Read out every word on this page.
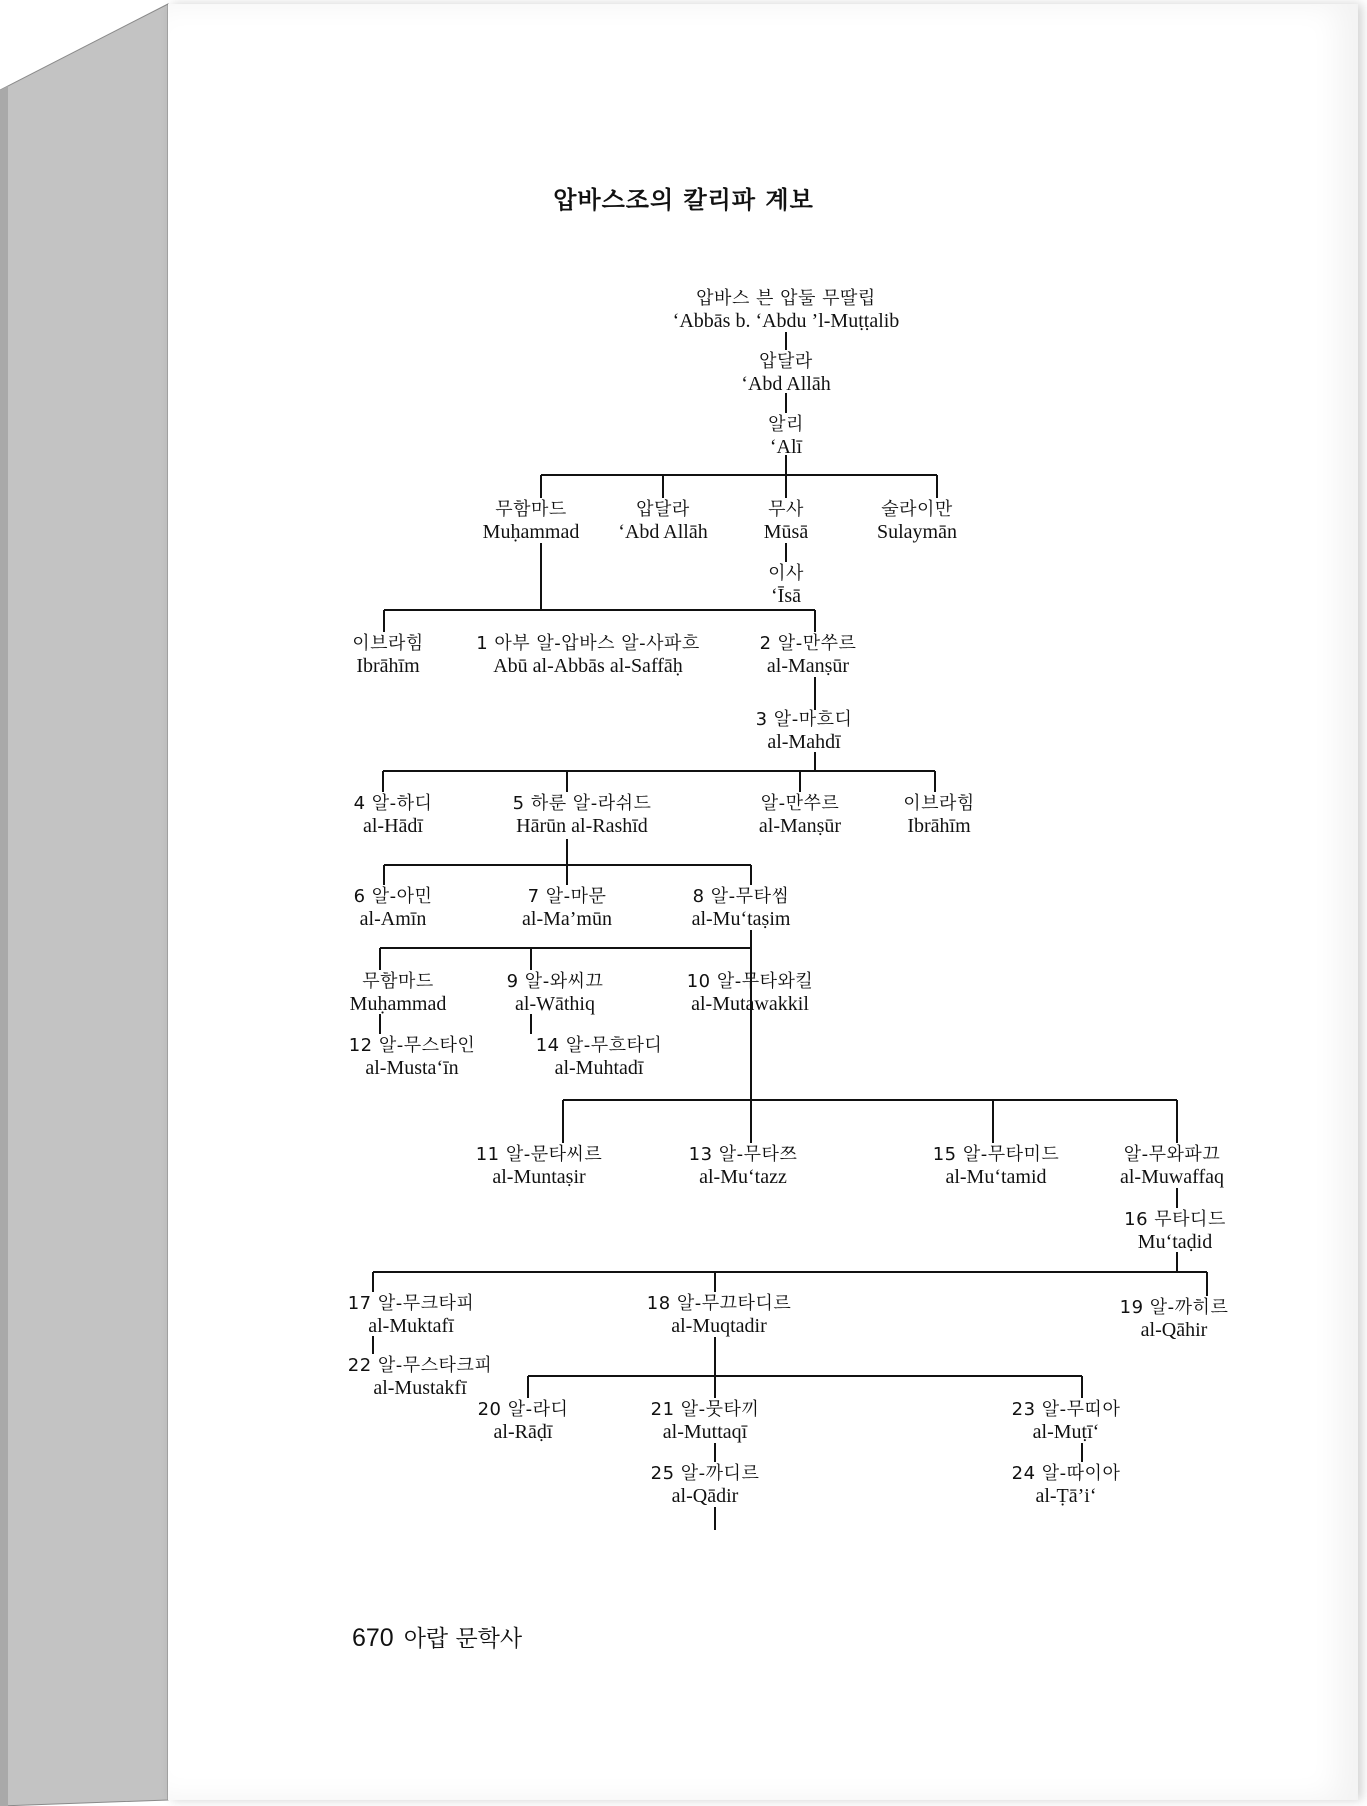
압바스조의 칼리파 계보
압바스 븐 압둘 무딸립
‘Abbās b. ‘Abdu ’l-Muṭṭalib
압달라
‘Abd Allāh
알리
‘Alī
무함마드
Muḥammad
압달라
‘Abd Allāh
무사
Mūsā
술라이만
Sulaymān
이사
‘Īsā
이브라힘
Ibrāhīm
1 아부 알-압바스 알-사파흐
Abū al-Abbās al-Saffāḥ
2 알-만쑤르
al-Manṣūr
3 알-마흐디
al-Mahdī
4 알-하디
al-Hādī
5 하룬 알-라쉬드
Hārūn al-Rashīd
알-만쑤르
al-Manṣūr
이브라힘
Ibrāhīm
6 알-아민
al-Amīn
7 알-마문
al-Ma’mūn
8 알-무타씸
al-Mu‘taṣim
무함마드
Muḥammad
9 알-와씨끄
al-Wāthiq
10 알-무타와킬
al-Mutawakkil
12 알-무스타인
al-Musta‘īn
14 알-무흐타디
al-Muhtadī
11 알-문타씨르
al-Muntaṣir
13 알-무타쯔
al-Mu‘tazz
15 알-무타미드
al-Mu‘tamid
알-무와파끄
al-Muwaffaq
16 무타디드
Mu‘taḍid
17 알-무크타피
al-Muktafī
18 알-무끄타디르
al-Muqtadir
19 알-까히르
al-Qāhir
22 알-무스타크피
al-Mustakfī
20 알-라디
al-Rāḍī
21 알-뭇타끼
al-Muttaqī
23 알-무띠아
al-Muṭī‘
25 알-까디르
al-Qādir
24 알-따이아
al-Ṭā’i‘
670 아랍 문학사
